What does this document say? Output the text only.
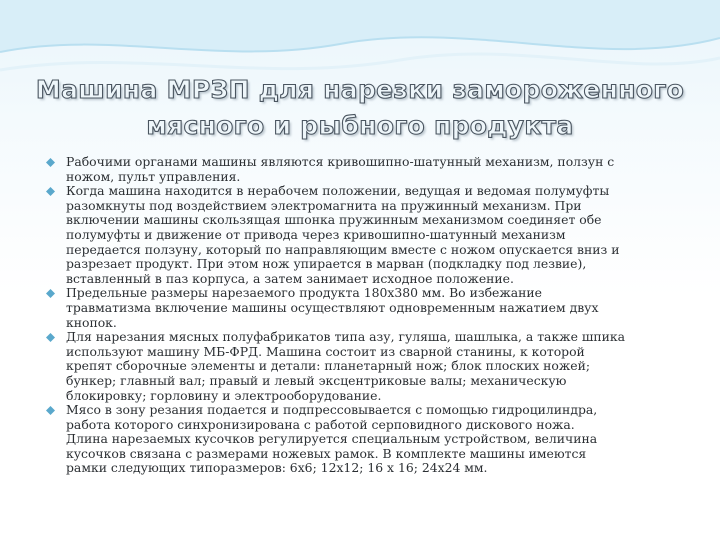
Машина МРЗП для нарезки замороженного
мясного и рыбного продукта
Рабочими органами машины являются кривошипно-шатунный механизм, ползун с
ножом, пульт управления.
Когда машина находится в нерабочем положении, ведущая и ведомая полумуфты
разомкнуты под воздействием электромагнита на пружинный механизм. При
включении машины скользящая шпонка пружинным механизмом соединяет обе
полумуфты и движение от привода через кривошипно-шатунный механизм
передается ползуну, который по направляющим вместе с ножом опускается вниз и
разрезает продукт. При этом нож упирается в марван (подкладку под лезвие),
вставленный в паз корпуса, а затем занимает исходное положение.
Предельные размеры нарезаемого продукта 180x380 мм. Во избежание
травматизма включение машины осуществляют одновременным нажатием двух
кнопок.
Для нарезания мясных полуфабрикатов типа азу, гуляша, шашлыка, а также шпика
используют машину МБ-ФРД. Машина состоит из сварной станины, к которой
крепят сборочные элементы и детали: планетарный нож; блок плоских ножей;
бункер; главный вал; правый и левый эксцентриковые валы; механическую
блокировку; горловину и электрооборудование.
Мясо в зону резания подается и подпрессовывается с помощью гидроцилиндра,
работа которого синхронизирована с работой серповидного дискового ножа.
Длина нарезаемых кусочков регулируется специальным устройством, величина
кусочков связана с размерами ножевых рамок. В комплекте машины имеются
рамки следующих типоразмеров: 6x6; 12x12; 16 x 16; 24x24 мм.
